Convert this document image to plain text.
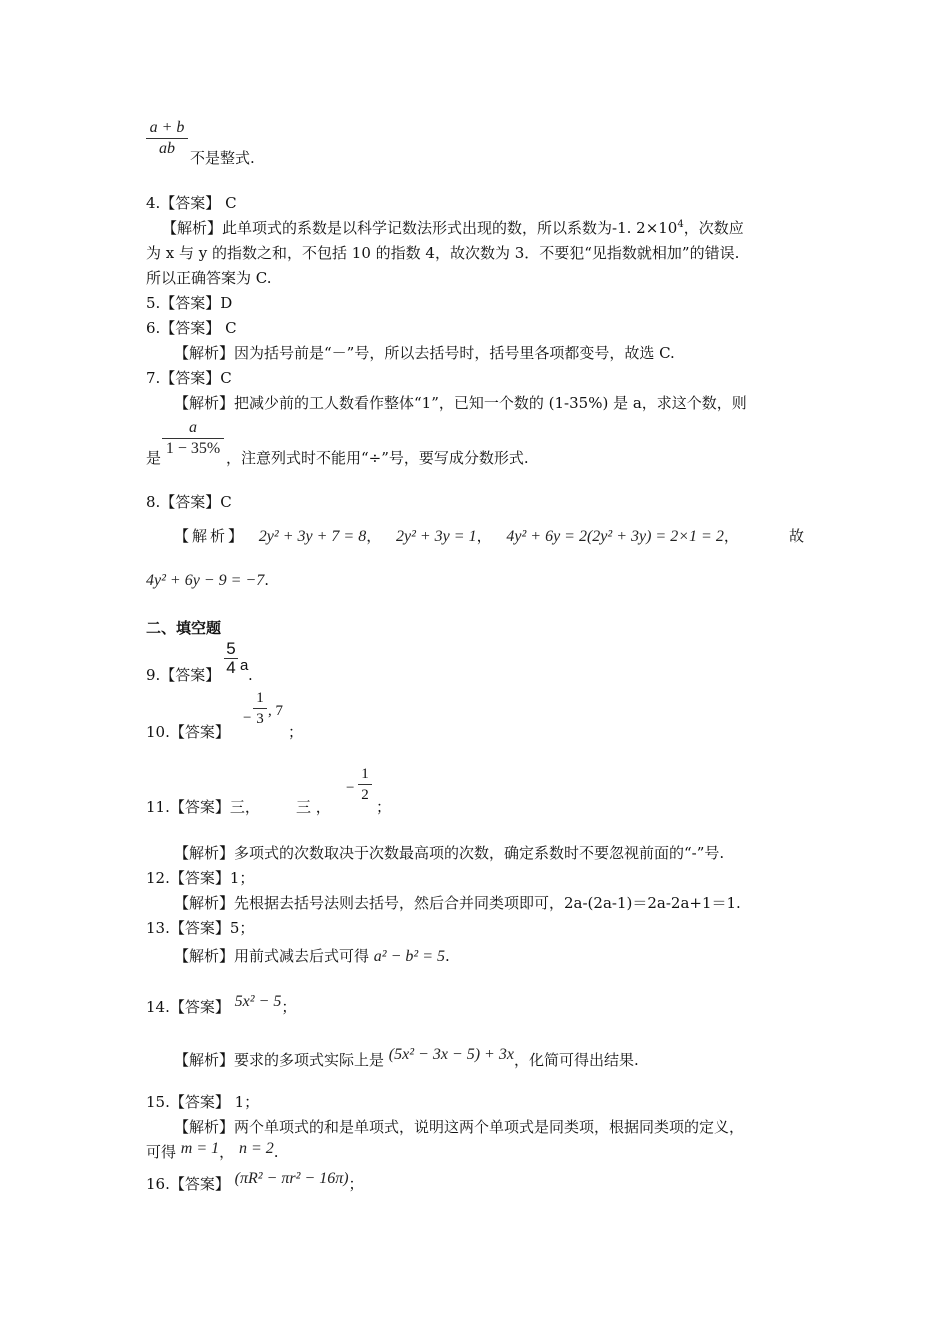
a + b
ab
不是整式.
4.【答案】 C
【解析】此单项式的系数是以科学记数法形式出现的数，所以系数为-1. $2\times 10^4$，次数应
为 x 与 y 的指数之和，不包括 10 的指数 4，故次数为 3．不要犯“见指数就相加”的错误.
所以正确答案为 C.
5.【答案】D
6.【答案】 C
【解析】因为括号前是“－”号，所以去括号时，括号里各项都变号，故选 C.
7.【答案】C
【解析】把减少前的工人数看作整体“1”，已知一个数的 (1-35%) 是 a，求这个数，则
是
a
1 − 35%
，注意列式时不能用“÷”号，要写成分数形式.
8.【答案】C
【解析】 2y² + 3y + 7 = 8， 2y² + 3y = 1， 4y² + 6y = 2(2y² + 3y) = 2×1 = 2，	故
4y² + 6y − 9 = −7.
二、填空题
9.【答案】
5
4 a
.
10.【答案】
−
1
3 , 7
；
11.【答案】三， 三 ，
−
1
2
；
【解析】多项式的次数取决于次数最高项的次数，确定系数时不要忽视前面的“-”号.
12.【答案】1；
【解析】先根据去括号法则去括号，然后合并同类项即可，2a-(2a-1)＝2a-2a+1＝1.
13.【答案】5；
【解析】用前式减去后式可得 a² − b² = 5.
14.【答案】 5x² − 5；
【解析】要求的多项式实际上是 (5x² − 3x − 5) + 3x，化简可得出结果.
15.【答案】 1；
【解析】两个单项式的和是单项式，说明这两个单项式是同类项，根据同类项的定义，
可得 m = 1， n = 2.
16.【答案】 (πR² − πr² − 16π)；
